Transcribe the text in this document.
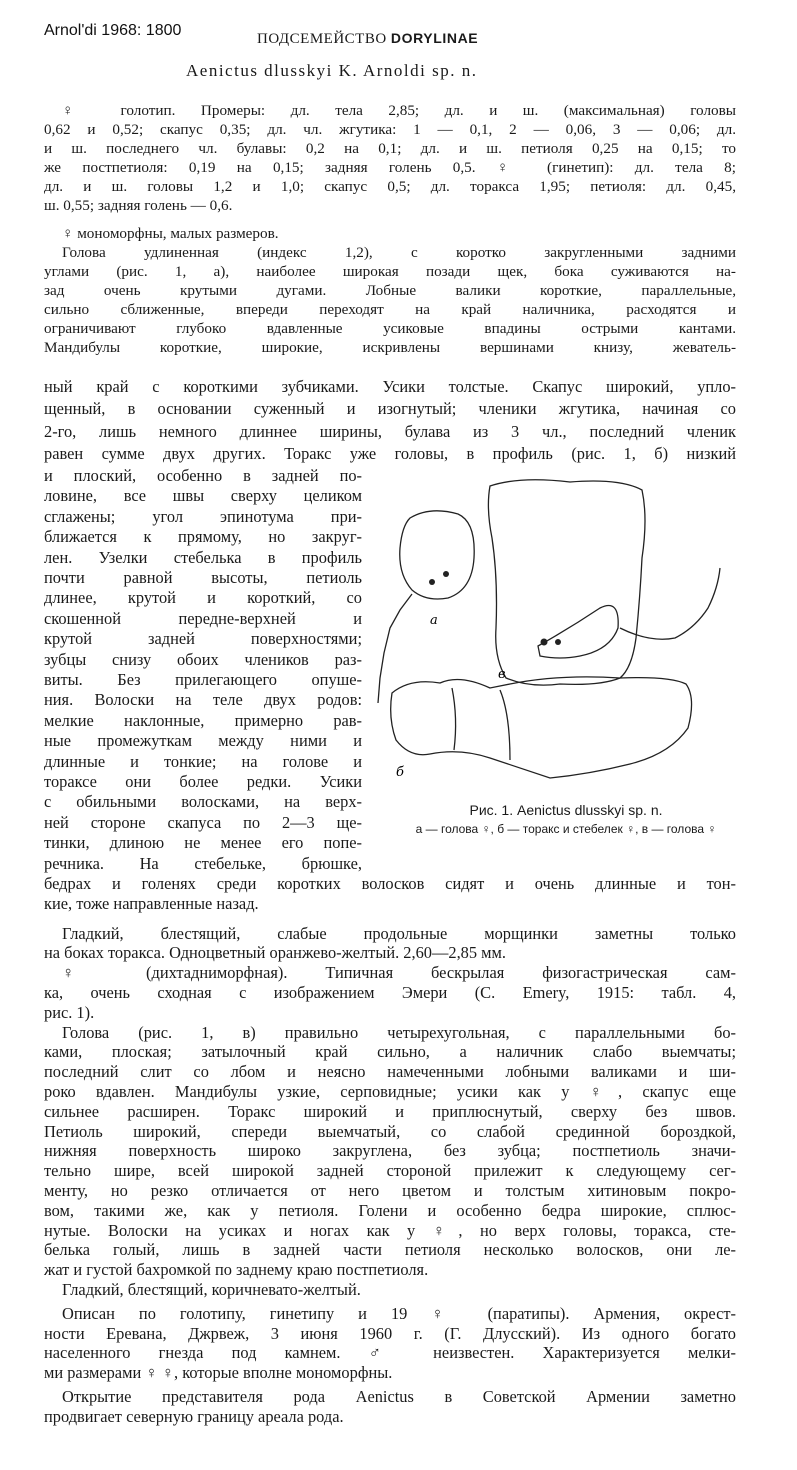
Arnol'di 1968: 1800	ПОДСЕМЕЙСТВО DORYLINAE
Aenictus dlusskyi K. Arnoldi sp. n.
♀ голотип. Промеры: дл. тела 2,85; дл. и ш. (максимальная) головы
0,62 и 0,52; скапус 0,35; дл. чл. жгутика: 1 — 0,1, 2 — 0,06, 3 — 0,06; дл.
и ш. последнего чл. булавы: 0,2 на 0,1; дл. и ш. петиоля 0,25 на 0,15; то
же постпетиоля: 0,19 на 0,15; задняя голень 0,5. ♀ (гинетип): дл. тела 8;
дл. и ш. головы 1,2 и 1,0; скапус 0,5; дл. торакса 1,95; петиоля: дл. 0,45,
ш. 0,55; задняя голень — 0,6.
♀ мономорфны, малых размеров.
Голова удлиненная (индекс 1,2), с коротко закругленными задними
углами (рис. 1, а), наиболее широкая позади щек, бока суживаются на-
зад очень крутыми дугами. Лобные валики короткие, параллельные,
сильно сближенные, впереди переходят на край наличника, расходятся и
ограничивают глубоко вдавленные усиковые впадины острыми кантами.
Мандибулы короткие, широкие, искривлены вершинами книзу, жеватель-
ный край с короткими зубчиками. Усики толстые. Скапус широкий, упло-
щенный, в основании суженный и изогнутый; членики жгутика, начиная со
2-го, лишь немного длиннее ширины, булава из 3 чл., последний членик
равен сумме двух других. Торакс уже головы, в профиль (рис. 1, б) низкий
и плоский, особенно в задней по-
ловине, все швы сверху целиком
сглажены; угол эпинотума при-
ближается к прямому, но закруг-
лен. Узелки стебелька в профиль
почти равной высоты, петиоль
длинее, крутой и короткий, со
скошенной передне-верхней и
крутой задней поверхностями;
зубцы снизу обоих члеников раз-
виты. Без прилегающего опуше-
ния. Волоски на теле двух родов:
мелкие наклонные, примерно рав-
ные промежуткам между ними и
длинные и тонкие; на голове и
тораксе они более редки. Усики
с обильными волосками, на верх-
ней стороне скапуса по 2—3 ще-
тинки, длиною не менее его попе-
речника. На стебельке, брюшке,
бедрах и голенях среди коротких волосков сидят и очень длинные и тон-
кие, тоже направленные назад.
Гладкий, блестящий, слабые продольные морщинки заметны только
на боках торакса. Одноцветный оранжево-желтый. 2,60—2,85 мм.
♀ (дихтадниморфная). Типичная бескрылая физогастрическая сам-
ка, очень сходная с изображением Эмери (C. Emery, 1915: табл. 4,
рис. 1).
Голова (рис. 1, в) правильно четырехугольная, с параллельными бо-
ками, плоская; затылочный край сильно, а наличник слабо выемчаты;
последний слит со лбом и неясно намеченными лобными валиками и ши-
роко вдавлен. Мандибулы узкие, серповидные; усики как у ♀, скапус еще
сильнее расширен. Торакс широкий и приплюснутый, сверху без швов.
Петиоль широкий, спереди выемчатый, со слабой срединной бороздкой,
нижняя поверхность широко закруглена, без зубца; постпетиоль значи-
тельно шире, всей широкой задней стороной прилежит к следующему сег-
менту, но резко отличается от него цветом и толстым хитиновым покро-
вом, такими же, как у петиоля. Голени и особенно бедра широкие, сплюс-
нутые. Волоски на усиках и ногах как у ♀, но верх головы, торакса, сте-
белька голый, лишь в задней части петиоля несколько волосков, они ле-
жат и густой бахромкой по заднему краю постпетиоля.
Гладкий, блестящий, коричневато-желтый.
Описан по голотипу, гинетипу и 19 ♀ (паратипы). Армения, окрест-
ности Еревана, Джрвеж, 3 июня 1960 г. (Г. Длусский). Из одного богато
населенного гнезда под камнем. ♂ неизвестен. Характеризуется мелки-
ми размерами ♀ ♀, которые вполне мономорфны.
Открытие представителя рода Aenictus в Советской Армении заметно
продвигает северную границу ареала рода.
а
в
б
Рис. 1. Aenictus dlusskyi sp. n.
а — голова ♀, б — торакс и стебелек ♀, в — голова ♀
